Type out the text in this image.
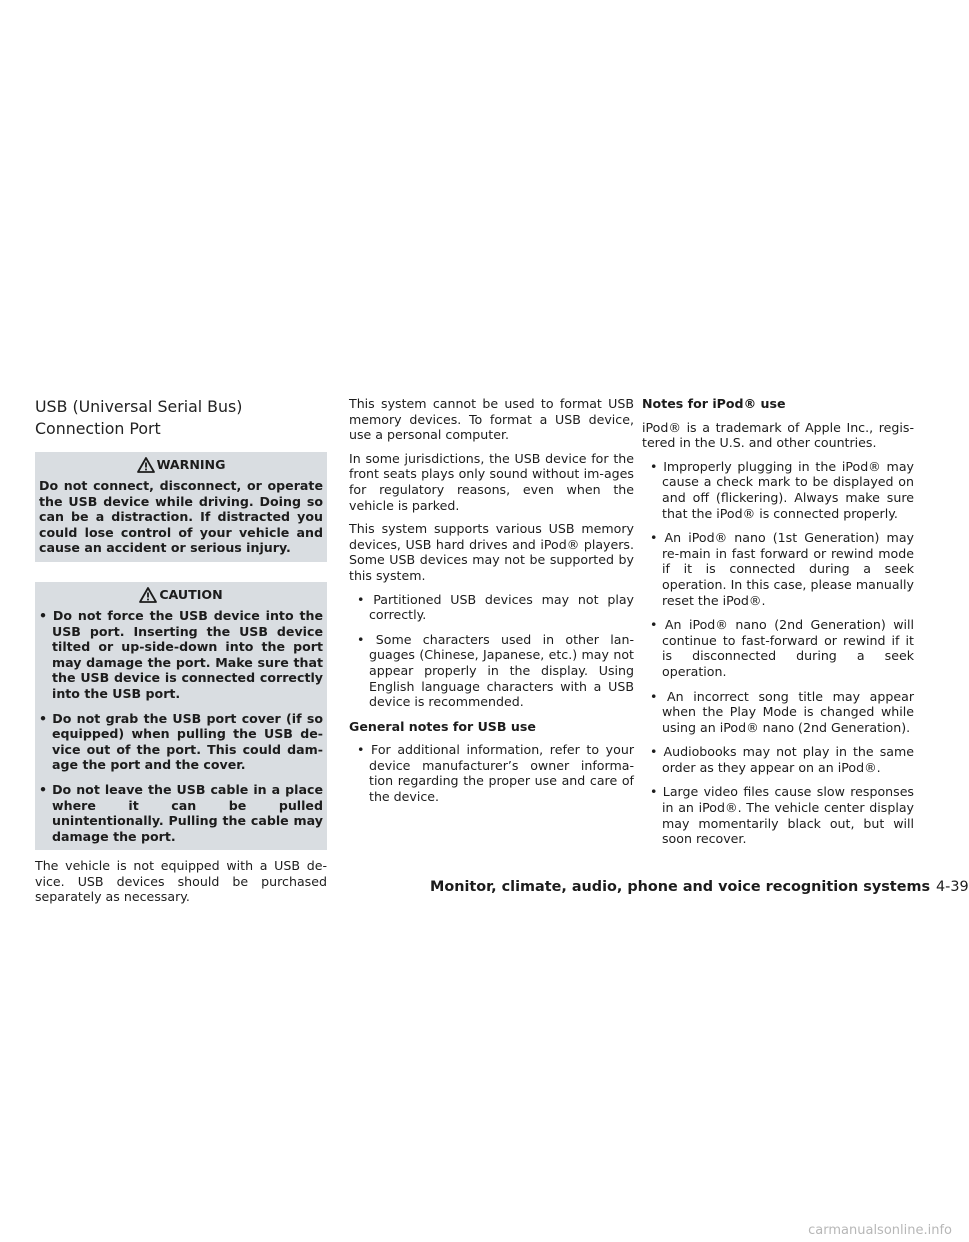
USB (Universal Serial Bus)
Connection Port
WARNING

Do not connect, disconnect, or operate the USB device while driving. Doing so can be a distraction. If distracted you could lose control of your vehicle and cause an accident or serious injury.

CAUTION
• Do not force the USB device into the USB port. Inserting the USB device tilted or up-side-down into the port may damage the port. Make sure that the USB device is connected correctly into the USB port.
• Do not grab the USB port cover (if so equipped) when pulling the USB de-vice out of the port. This could dam-age the port and the cover.
• Do not leave the USB cable in a place where it can be pulled unintentionally. Pulling the cable may damage the port.

The vehicle is not equipped with a USB de-vice. USB devices should be purchased separately as necessary.

This system cannot be used to format USB memory devices. To format a USB device, use a personal computer.

In some jurisdictions, the USB device for the front seats plays only sound without im-ages for regulatory reasons, even when the vehicle is parked.

This system supports various USB memory devices, USB hard drives and iPod® players. Some USB devices may not be supported by this system.

• Partitioned USB devices may not play correctly.
• Some characters used in other lan-guages (Chinese, Japanese, etc.) may not appear properly in the display. Using English language characters with a USB device is recommended.
General notes for USB use
• For additional information, refer to your device manufacturer’s owner informa-tion regarding the proper use and care of the device.
Notes for iPod® use

iPod® is a trademark of Apple Inc., regis-tered in the U.S. and other countries.

• Improperly plugging in the iPod® may cause a check mark to be displayed on and off (flickering). Always make sure that the iPod® is connected properly.
• An iPod® nano (1st Generation) may re-main in fast forward or rewind mode if it is connected during a seek operation. In this case, please manually reset the iPod®.
• An iPod® nano (2nd Generation) will continue to fast-forward or rewind if it is disconnected during a seek operation.
• An incorrect song title may appear when the Play Mode is changed while using an iPod® nano (2nd Generation).
• Audiobooks may not play in the same order as they appear on an iPod®.
• Large video files cause slow responses in an iPod®. The vehicle center display may momentarily black out, but will soon recover.
Monitor, climate, audio, phone and voice recognition systems 4-39
carmanualsonline.info
